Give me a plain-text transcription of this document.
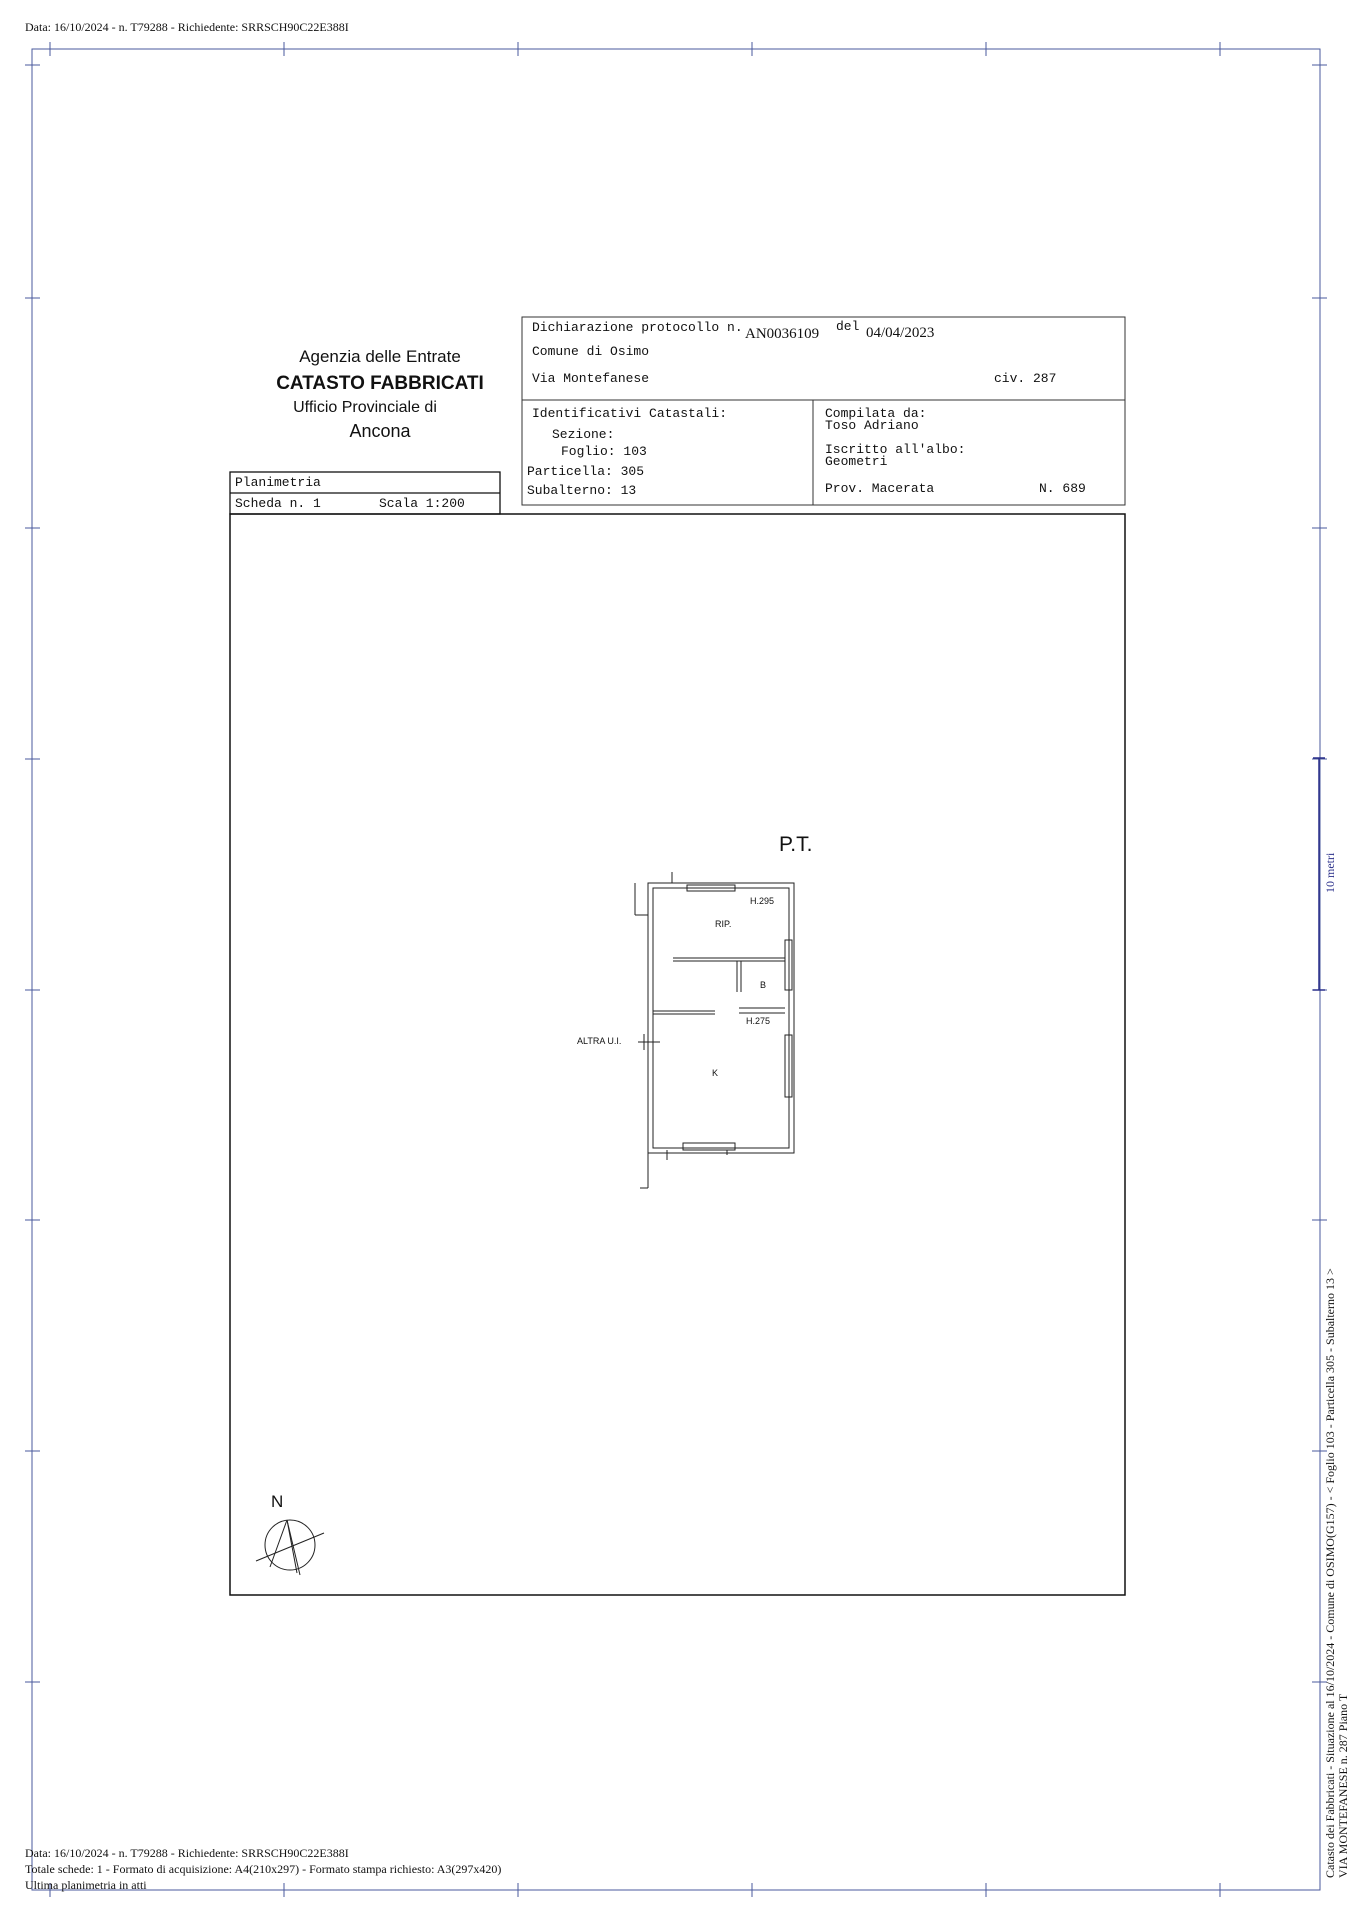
Data: 16/10/2024 - n. T79288 - Richiedente: SRRSCH90C22E388I
Agenzia delle Entrate
CATASTO FABBRICATI
Ufficio Provinciale di
Ancona
Dichiarazione protocollo n. AN0036109 del 04/04/2023
Comune di Osimo
Via Montefanese	civ. 287
Identificativi Catastali:
Sezione:
Foglio: 103
Particella: 305
Subalterno: 13
Compilata da:
Toso Adriano
Iscritto all'albo:
Geometri
Prov. Macerata	N. 689
Planimetria
Scheda n. 1	Scala 1:200
P.T.
H.295
RIP.
B
H.275
ALTRA U.I.
K
N
10 metri
Catasto dei Fabbricati - Situazione al 16/10/2024 - Comune di OSIMO(G157) - < Foglio 103 - Particella 305 - Subalterno 13 > VIA MONTEFANESE n. 287 Piano T
Data: 16/10/2024 - n. T79288 - Richiedente: SRRSCH90C22E388I
Totale schede: 1 - Formato di acquisizione: A4(210x297) - Formato stampa richiesto: A3(297x420)
Ultima planimetria in atti
